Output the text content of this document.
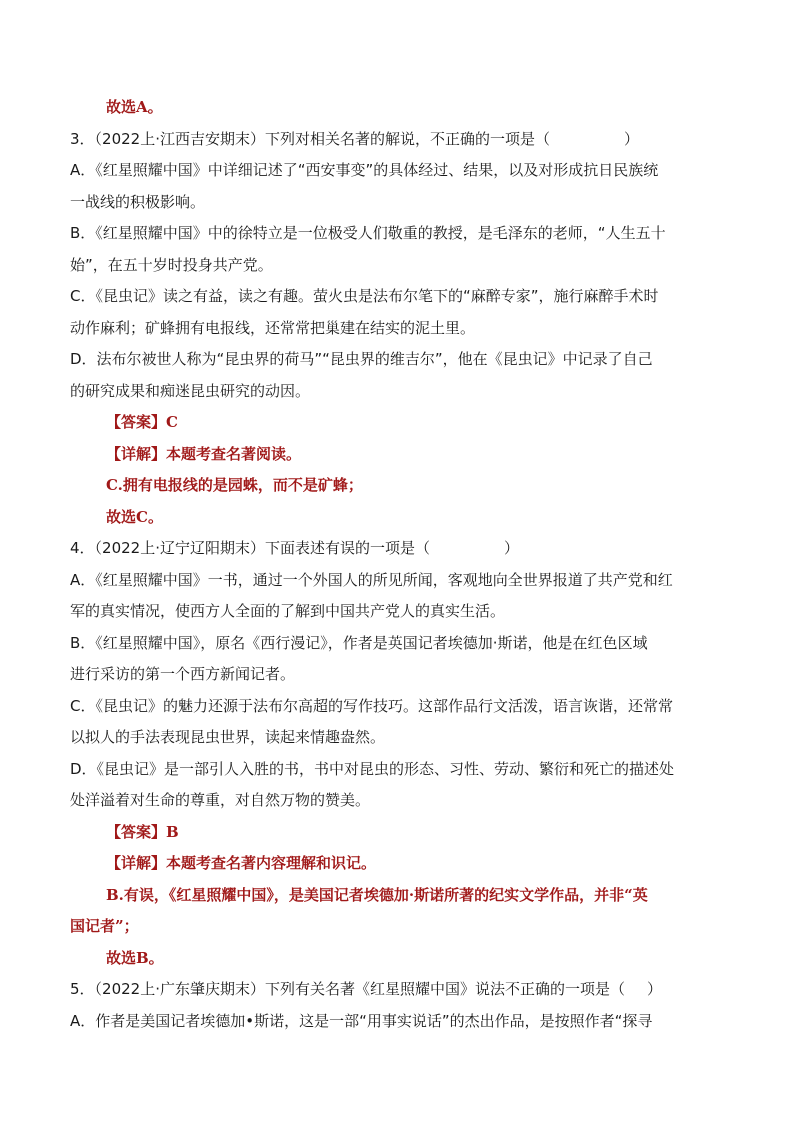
故选A。
3．（2022上·江西吉安期末）下列对相关名著的解说，不正确的一项是（	）
A．《红星照耀中国》中详细记述了“西安事变”的具体经过、结果，以及对形成抗日民族统
一战线的积极影响。
B．《红星照耀中国》中的徐特立是一位极受人们敬重的教授，是毛泽东的老师，“人生五十
始”，在五十岁时投身共产党。
C．《昆虫记》读之有益，读之有趣。萤火虫是法布尔笔下的“麻醉专家”，施行麻醉手术时
动作麻利；矿蜂拥有电报线，还常常把巢建在结实的泥土里。
D．法布尔被世人称为“昆虫界的荷马”“昆虫界的维吉尔”，他在《昆虫记》中记录了自己
的研究成果和痴迷昆虫研究的动因。
【答案】C
【详解】本题考查名著阅读。
C.拥有电报线的是园蛛，而不是矿蜂；
故选C。
4．（2022上·辽宁辽阳期末）下面表述有误的一项是（	）
A．《红星照耀中国》一书，通过一个外国人的所见所闻，客观地向全世界报道了共产党和红
军的真实情况，使西方人全面的了解到中国共产党人的真实生活。
B．《红星照耀中国》，原名《西行漫记》，作者是英国记者埃德加·斯诺，他是在红色区域
进行采访的第一个西方新闻记者。
C．《昆虫记》的魅力还源于法布尔高超的写作技巧。这部作品行文活泼，语言诙谐，还常常
以拟人的手法表现昆虫世界，读起来情趣盎然。
D．《昆虫记》是一部引人入胜的书，书中对昆虫的形态、习性、劳动、繁衍和死亡的描述处
处洋溢着对生命的尊重，对自然万物的赞美。
【答案】B
【详解】本题考查名著内容理解和识记。
B.有误，《红星照耀中国》，是美国记者埃德加·斯诺所著的纪实文学作品，并非“英
国记者”；
故选B。
5．（2022上·广东肇庆期末）下列有关名著《红星照耀中国》说法不正确的一项是（ ）
A．作者是美国记者埃德加•斯诺，这是一部“用事实说话”的杰出作品，是按照作者“探寻
